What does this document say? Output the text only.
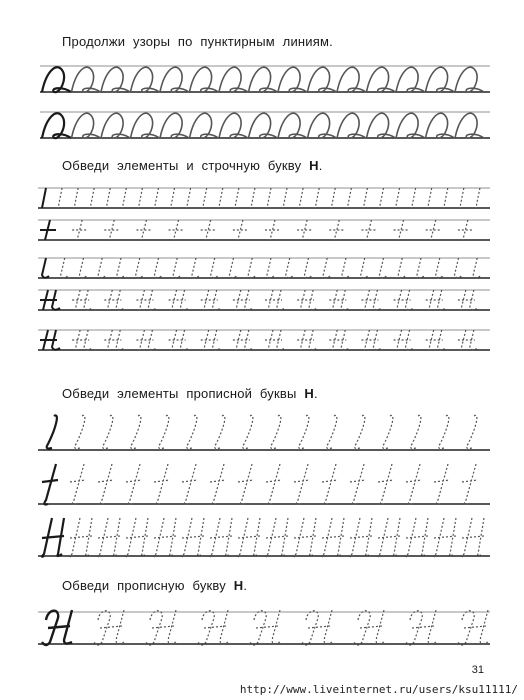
Продолжи узоры по пунктирным линиям.
Обведи элементы и строчную букву Н.
Обведи элементы прописной буквы Н.
Обведи прописную букву Н.
31
http://www.liveinternet.ru/users/ksu11111/
